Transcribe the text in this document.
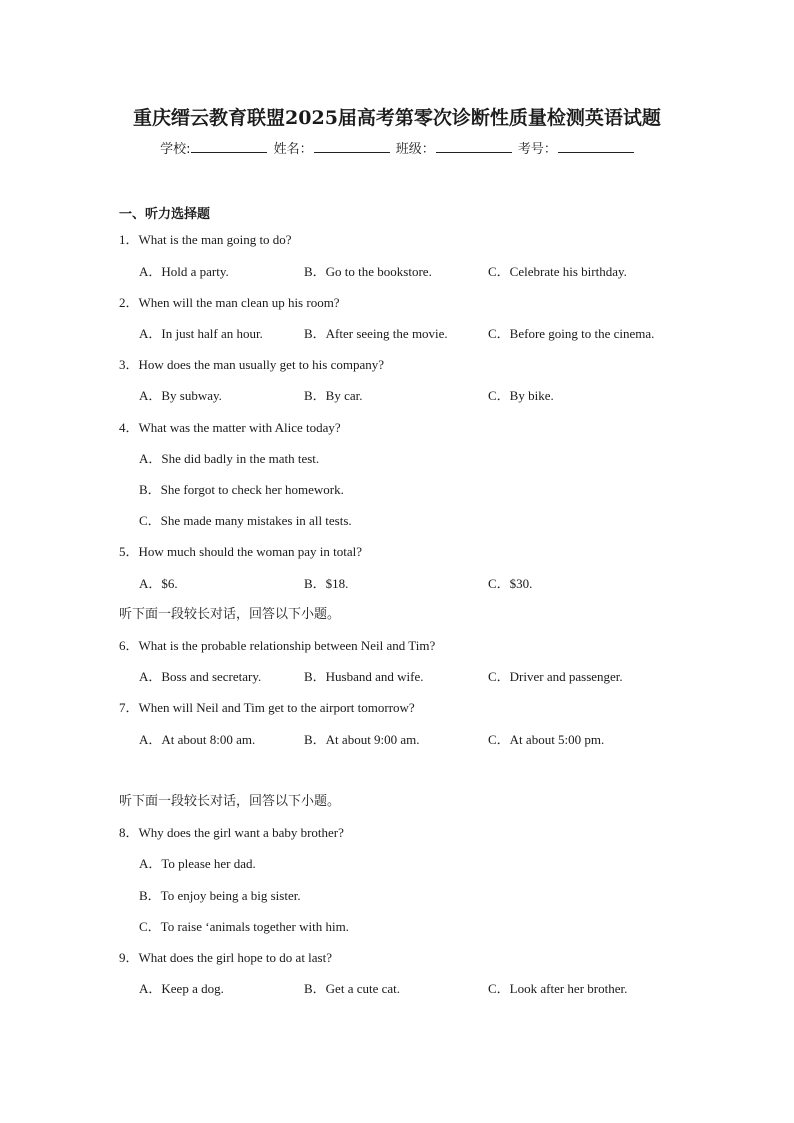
重庆缙云教育联盟2025届高考第零次诊断性质量检测英语试题
学校:	姓名：	班级：	考号：
一、听力选择题
1．What is the man going to do?
A．Hold a party.	B．Go to the bookstore.	C．Celebrate his birthday.
2．When will the man clean up his room?
A．In just half an hour.	B．After seeing the movie.	C．Before going to the cinema.
3．How does the man usually get to his company?
A．By subway.	B．By car.	C．By bike.
4．What was the matter with Alice today?
A．She did badly in the math test.
B．She forgot to check her homework.
C．She made many mistakes in all tests.
5．How much should the woman pay in total?
A．$6.	B．$18.	C．$30.
听下面一段较长对话，回答以下小题。
6．What is the probable relationship between Neil and Tim?
A．Boss and secretary.	B．Husband and wife.	C．Driver and passenger.
7．When will Neil and Tim get to the airport tomorrow?
A．At about 8:00 am.	B．At about 9:00 am.	C．At about 5:00 pm.
听下面一段较长对话，回答以下小题。
8．Why does the girl want a baby brother?
A．To please her dad.
B．To enjoy being a big sister.
C．To raise ‘animals together with him.
9．What does the girl hope to do at last?
A．Keep a dog.	B．Get a cute cat.	C．Look after her brother.
